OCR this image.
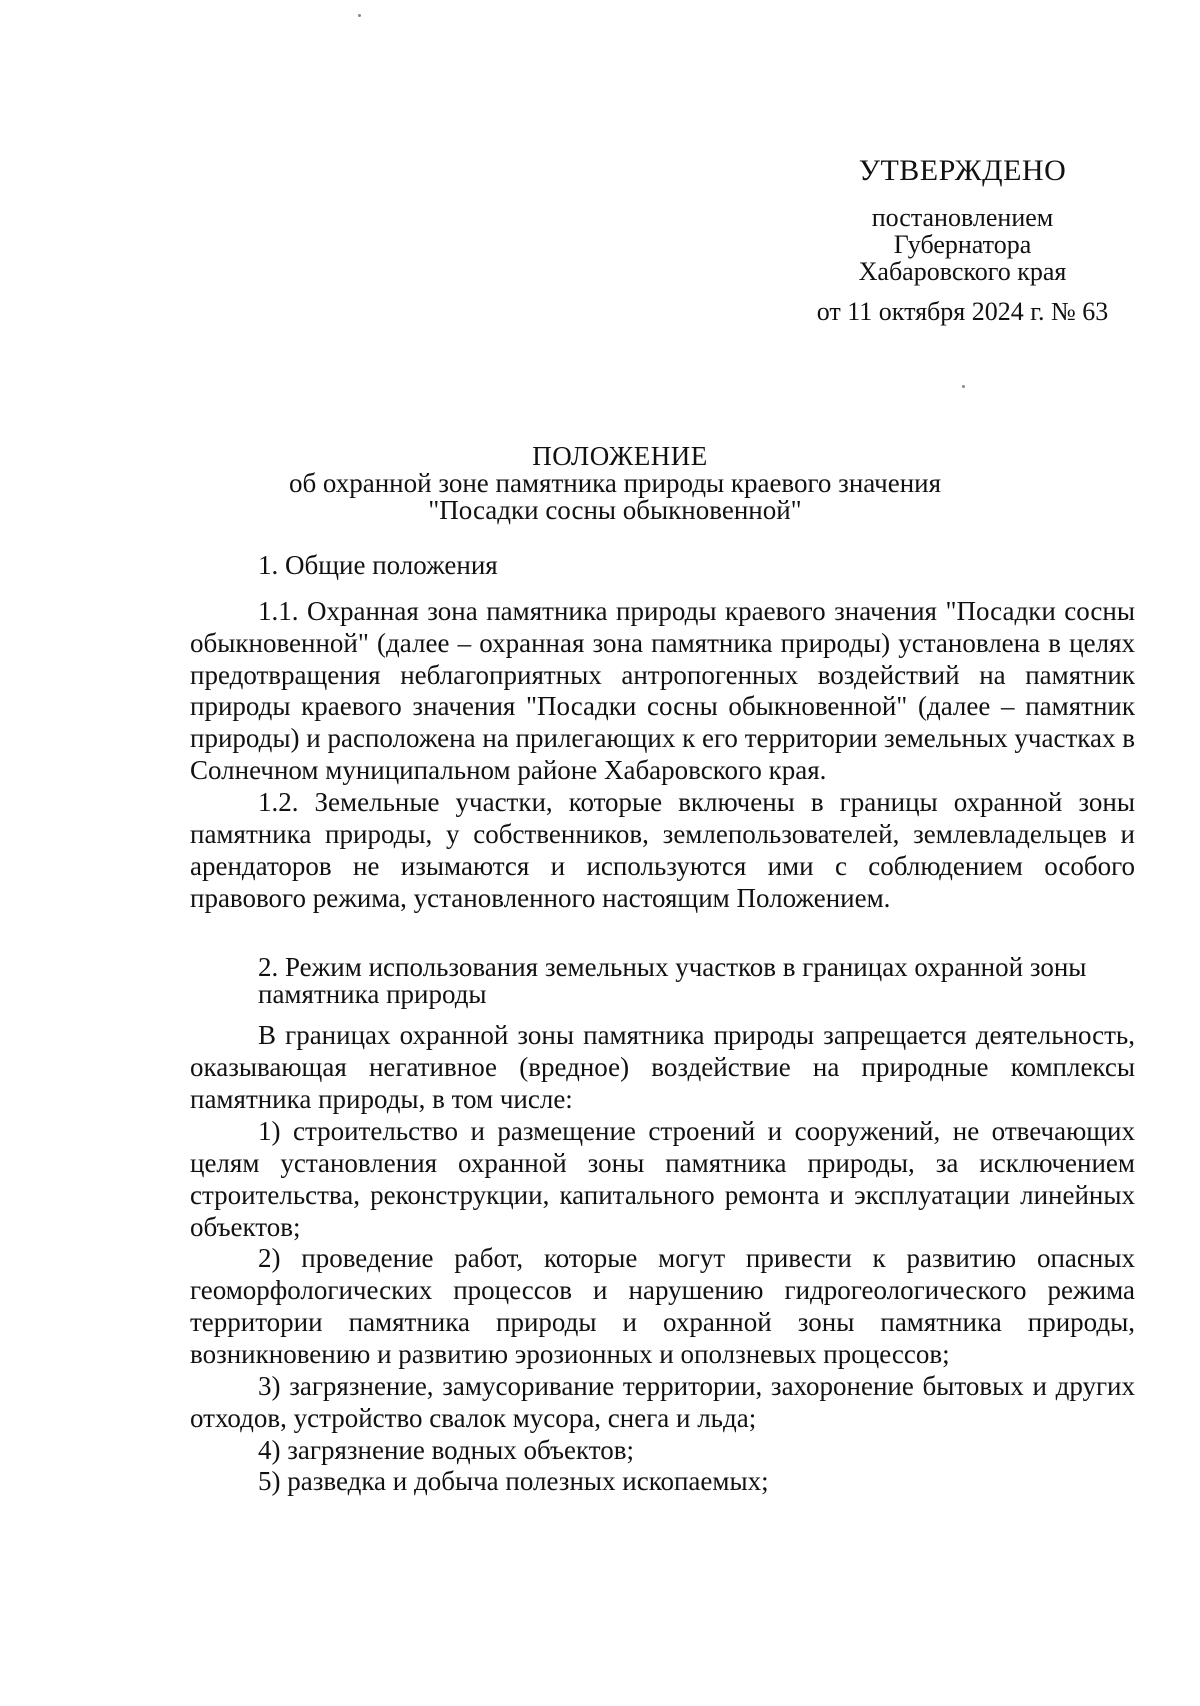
УТВЕРЖДЕНО
постановлением
Губернатора
Хабаровского края
от 11 октября 2024 г. № 63
ПОЛОЖЕНИЕ
об охранной зоне памятника природы краевого значения
"Посадки сосны обыкновенной"
1. Общие положения

1.1. Охранная зона памятника природы краевого значения "Посадки сосны обыкновенной" (далее – охранная зона памятника природы) установлена в целях предотвращения неблагоприятных антропогенных воздействий на памятник природы краевого значения "Посадки сосны обыкновенной" (далее – памятник природы) и расположена на прилегающих к его территории земельных участках в Солнечном муниципальном районе Хабаровского края.

1.2. Земельные участки, которые включены в границы охранной зоны памятника природы, у собственников, землепользователей, землевладельцев и арендаторов не изымаются и используются ими с соблюдением особого правового режима, установленного настоящим Положением.

2. Режим использования земельных участков в границах охранной зоны
памятника природы

В границах охранной зоны памятника природы запрещается деятельность, оказывающая негативное (вредное) воздействие на природные комплексы памятника природы, в том числе:

1) строительство и размещение строений и сооружений, не отвечающих целям установления охранной зоны памятника природы, за исключением строительства, реконструкции, капитального ремонта и эксплуатации линейных объектов;

2) проведение работ, которые могут привести к развитию опасных геоморфологических процессов и нарушению гидрогеологического режима территории памятника природы и охранной зоны памятника природы, возникновению и развитию эрозионных и оползневых процессов;

3) загрязнение, замусоривание территории, захоронение бытовых и других отходов, устройство свалок мусора, снега и льда;

4) загрязнение водных объектов;

5) разведка и добыча полезных ископаемых;
